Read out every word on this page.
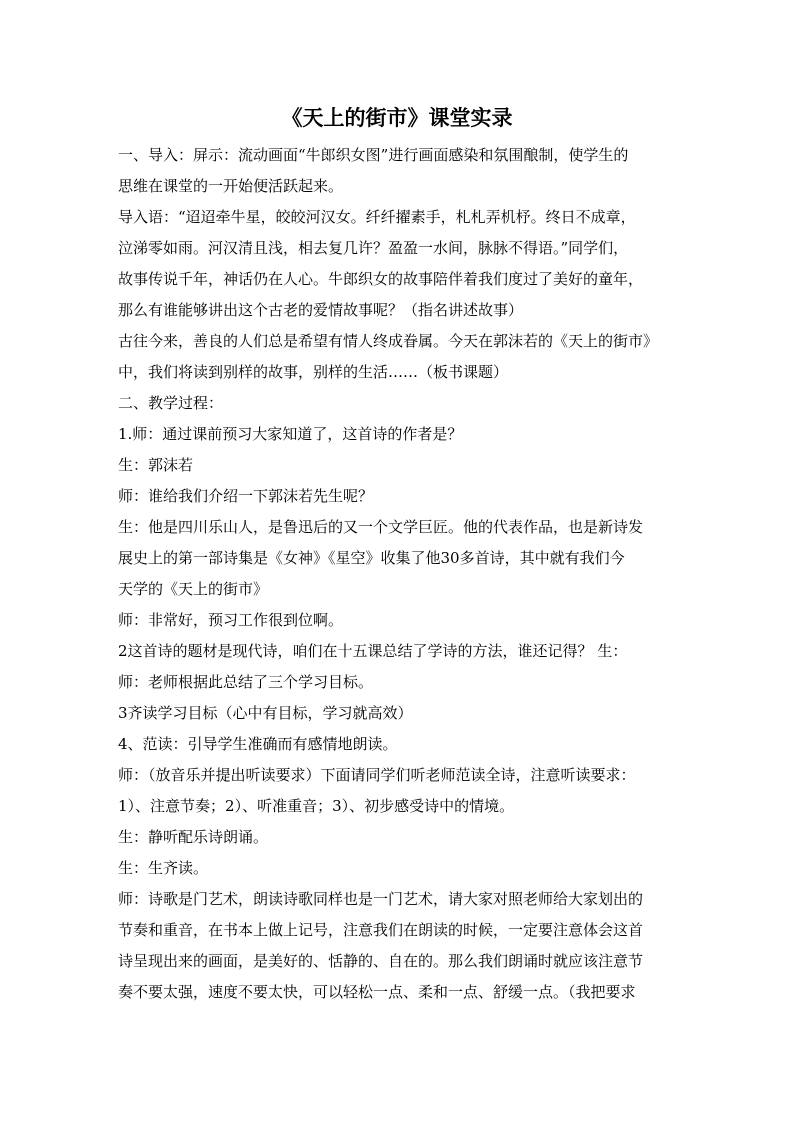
《天上的街市》课堂实录
一、导入：屏示：流动画面“牛郎织女图”进行画面感染和氛围酿制，使学生的
思维在课堂的一开始便活跃起来。
导入语：“迢迢牵牛星，皎皎河汉女。纤纤擢素手，札札弄机杼。终日不成章，
泣涕零如雨。河汉清且浅，相去复几许？盈盈一水间，脉脉不得语。”同学们，
故事传说千年，神话仍在人心。牛郎织女的故事陪伴着我们度过了美好的童年，
那么有谁能够讲出这个古老的爱情故事呢？（指名讲述故事）
古往今来，善良的人们总是希望有情人终成眷属。今天在郭沫若的《天上的街市》
中，我们将读到别样的故事，别样的生活……（板书课题）
二、教学过程：
1.师：通过课前预习大家知道了，这首诗的作者是？
生：郭沫若
师：谁给我们介绍一下郭沫若先生呢？
生：他是四川乐山人，是鲁迅后的又一个文学巨匠。他的代表作品，也是新诗发
展史上的第一部诗集是《女神》《星空》收集了他30多首诗，其中就有我们今
天学的《天上的街市》
师：非常好，预习工作很到位啊。
2这首诗的题材是现代诗，咱们在十五课总结了学诗的方法，谁还记得？ 生：
师：老师根据此总结了三个学习目标。
3齐读学习目标（心中有目标，学习就高效）
4、范读：引导学生准确而有感情地朗读。
师：（放音乐并提出听读要求）下面请同学们听老师范读全诗，注意听读要求：
1）、注意节奏；2）、听准重音；3）、初步感受诗中的情境。
生：静听配乐诗朗诵。
生：生齐读。
师：诗歌是门艺术，朗读诗歌同样也是一门艺术，请大家对照老师给大家划出的
节奏和重音，在书本上做上记号，注意我们在朗读的时候，一定要注意体会这首
诗呈现出来的画面，是美好的、恬静的、自在的。那么我们朗诵时就应该注意节
奏不要太强，速度不要太快，可以轻松一点、柔和一点、舒缓一点。（我把要求
